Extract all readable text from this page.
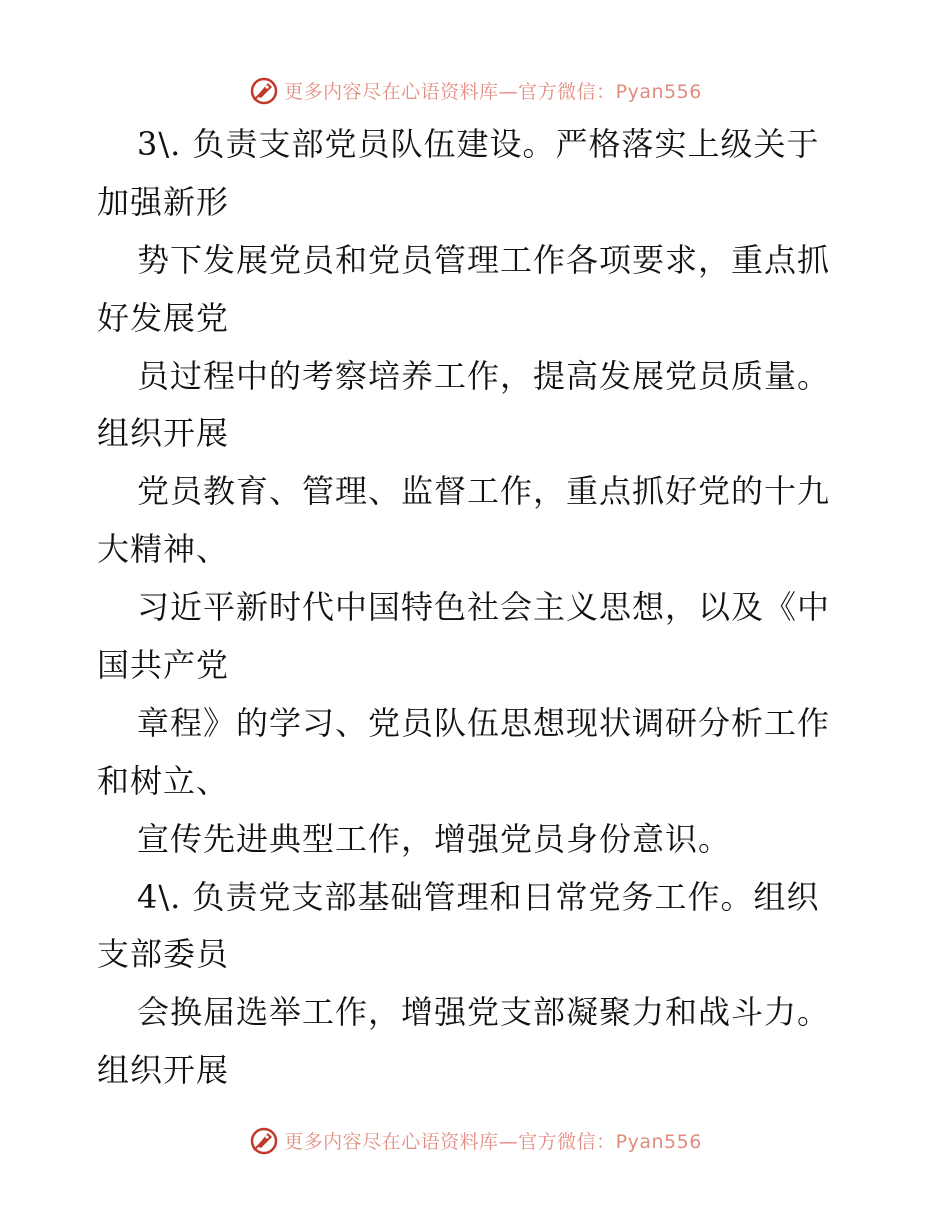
更多内容尽在心语资料库—官方微信：Pyan556
3\. 负责支部党员队伍建设。严格落实上级关于
加强新形
势下发展党员和党员管理工作各项要求，重点抓
好发展党
员过程中的考察培养工作，提高发展党员质量。
组织开展
党员教育、管理、监督工作，重点抓好党的十九
大精神、
习近平新时代中国特色社会主义思想，以及《中
国共产党
章程》的学习、党员队伍思想现状调研分析工作
和树立、
宣传先进典型工作，增强党员身份意识。
4\. 负责党支部基础管理和日常党务工作。组织
支部委员
会换届选举工作，增强党支部凝聚力和战斗力。
组织开展
更多内容尽在心语资料库—官方微信：Pyan556
